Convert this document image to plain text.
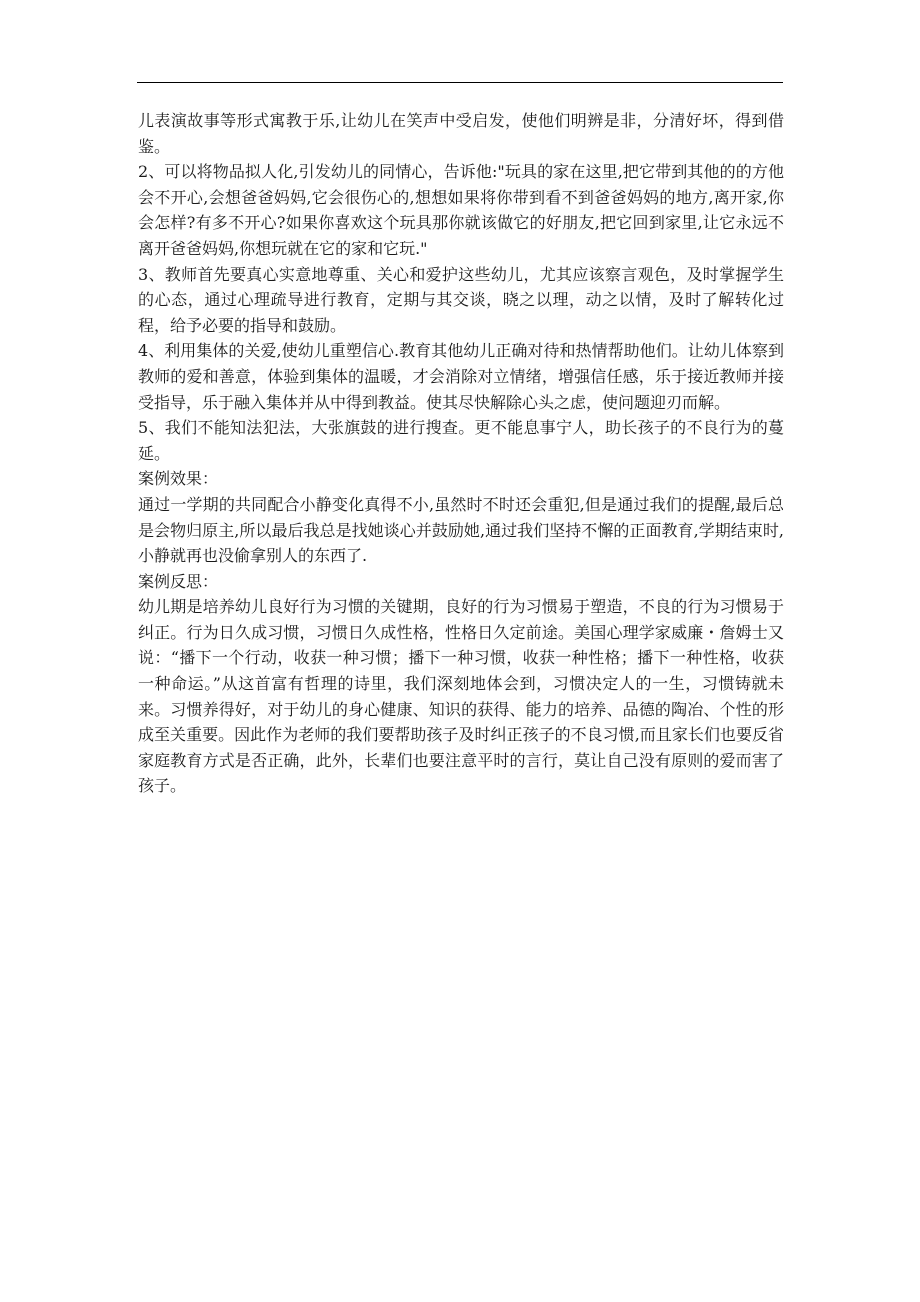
儿表演故事等形式寓教于乐,让幼儿在笑声中受启发，使他们明辨是非，分清好坏，得到借鉴。

2、可以将物品拟人化,引发幼儿的同情心，告诉他:"玩具的家在这里,把它带到其他的的方他会不开心,会想爸爸妈妈,它会很伤心的,想想如果将你带到看不到爸爸妈妈的地方,离开家,你会怎样?有多不开心?如果你喜欢这个玩具那你就该做它的好朋友,把它回到家里,让它永远不离开爸爸妈妈,你想玩就在它的家和它玩."

3、教师首先要真心实意地尊重、关心和爱护这些幼儿，尤其应该察言观色，及时掌握学生的心态，通过心理疏导进行教育，定期与其交谈，晓之以理，动之以情，及时了解转化过程，给予必要的指导和鼓励。

4、利用集体的关爱,使幼儿重塑信心.教育其他幼儿正确对待和热情帮助他们。让幼儿体察到教师的爱和善意，体验到集体的温暖，才会消除对立情绪，增强信任感，乐于接近教师并接受指导，乐于融入集体并从中得到教益。使其尽快解除心头之虑，使问题迎刃而解。

5、我们不能知法犯法，大张旗鼓的进行搜查。更不能息事宁人，助长孩子的不良行为的蔓延。

案例效果：

通过一学期的共同配合小静变化真得不小,虽然时不时还会重犯,但是通过我们的提醒,最后总是会物归原主,所以最后我总是找她谈心并鼓励她,通过我们坚持不懈的正面教育,学期结束时,小静就再也没偷拿别人的东西了.

案例反思：

幼儿期是培养幼儿良好行为习惯的关键期，良好的行为习惯易于塑造，不良的行为习惯易于纠正。行为日久成习惯，习惯日久成性格，性格日久定前途。美国心理学家威廉・詹姆士又说：“播下一个行动，收获一种习惯；播下一种习惯，收获一种性格；播下一种性格，收获一种命运。”从这首富有哲理的诗里，我们深刻地体会到，习惯决定人的一生，习惯铸就未来。习惯养得好，对于幼儿的身心健康、知识的获得、能力的培养、品德的陶冶、个性的形成至关重要。因此作为老师的我们要帮助孩子及时纠正孩子的不良习惯,而且家长们也要反省家庭教育方式是否正确，此外，长辈们也要注意平时的言行，莫让自己没有原则的爱而害了孩子。
